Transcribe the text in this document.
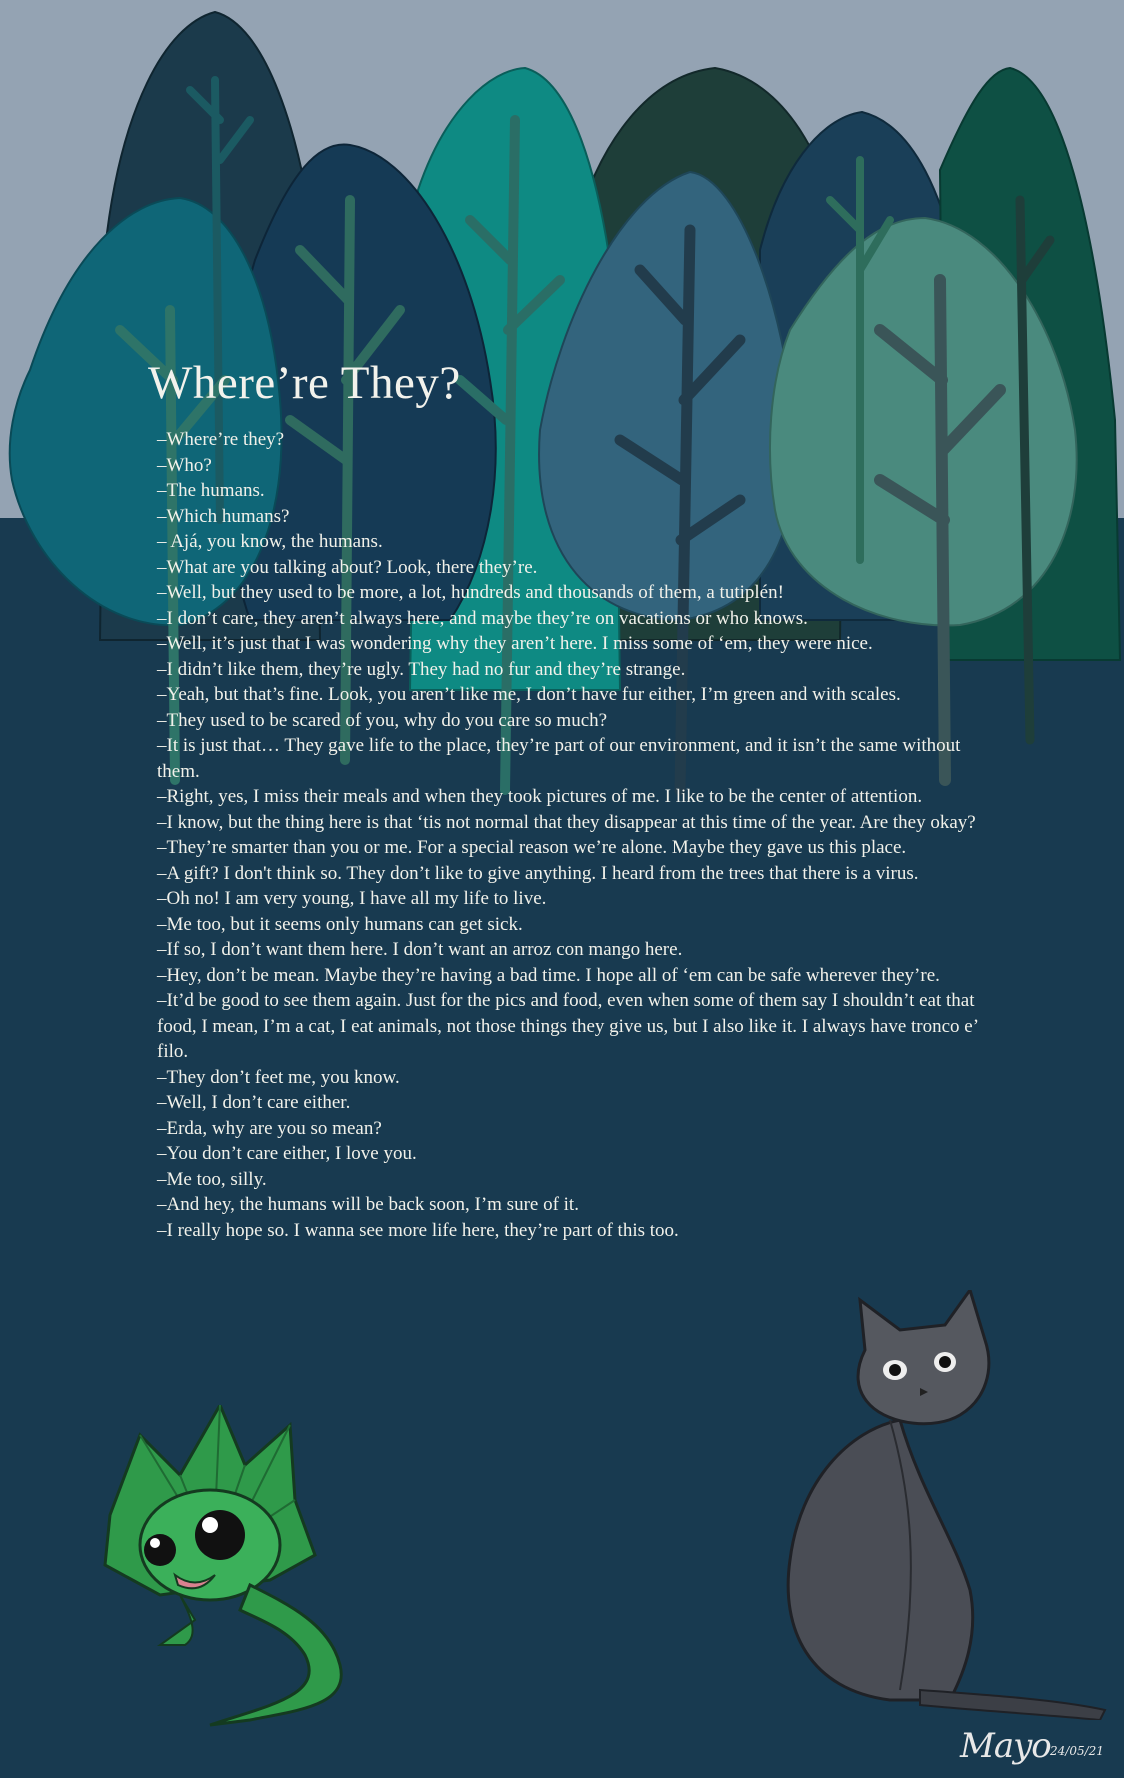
Where’re They?
–Where’re they?
–Who?
–The humans.
–Which humans?
– Ajá, you know, the humans.
–What are you talking about? Look, there they’re.
–Well, but they used to be more, a lot, hundreds and thousands of them, a tutiplén!
–I don’t care, they aren’t always here, and maybe they’re on vacations or who knows.
–Well, it’s just that I was wondering why they aren’t here. I miss some of ‘em, they were nice.
–I didn’t like them, they’re ugly. They had no fur and they’re strange.
–Yeah, but that’s fine. Look, you aren’t like me, I don’t have fur either, I’m green and with scales.
–They used to be scared of you, why do you care so much?
–It is just that… They gave life to the place, they’re part of our environment, and it isn’t the same without them.
–Right, yes, I miss their meals and when they took pictures of me. I like to be the center of attention.
–I know, but the thing here is that ‘tis not normal that they disappear at this time of the year. Are they okay?
–They’re smarter than you or me. For a special reason we’re alone. Maybe they gave us this place.
–A gift? I don't think so. They don’t like to give anything. I heard from the trees that there is a virus.
–Oh no! I am very young, I have all my life to live.
–Me too, but it seems only humans can get sick.
–If so, I don’t want them here. I don’t want an arroz con mango here.
–Hey, don’t be mean. Maybe they’re having a bad time. I hope all of ‘em can be safe wherever they’re.
–It’d be good to see them again. Just for the pics and food, even when some of them say I shouldn’t eat that food, I mean, I’m a cat, I eat animals, not those things they give us, but I also like it. I always have tronco e’ filo.
–They don’t feet me, you know.
–Well, I don’t care either.
–Erda, why are you so mean?
–You don’t care either, I love you.
–Me too, silly.
–And hey, the humans will be back soon, I’m sure of it.
–I really hope so. I wanna see more life here, they’re part of this too.
Mayo 24/05/21
